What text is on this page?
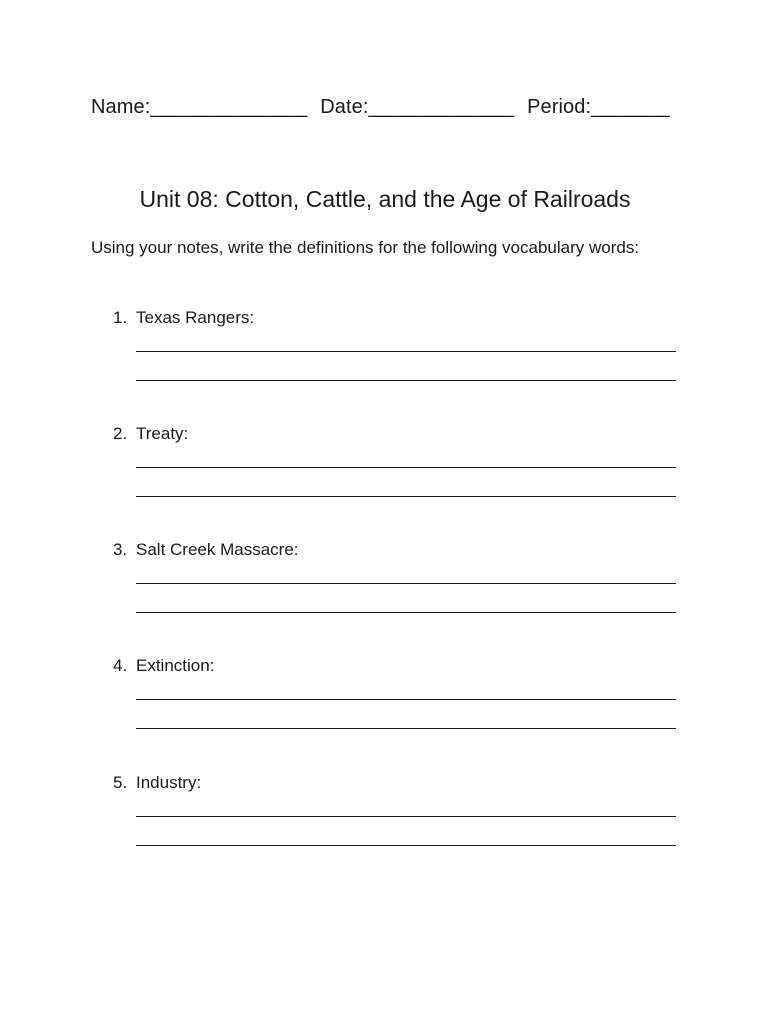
Name:______________ Date:_____________ Period:_______
Unit 08: Cotton, Cattle, and the Age of Railroads
Using your notes, write the definitions for the following vocabulary words:
1. Texas Rangers:
2. Treaty:
3. Salt Creek Massacre:
4. Extinction:
5. Industry:
